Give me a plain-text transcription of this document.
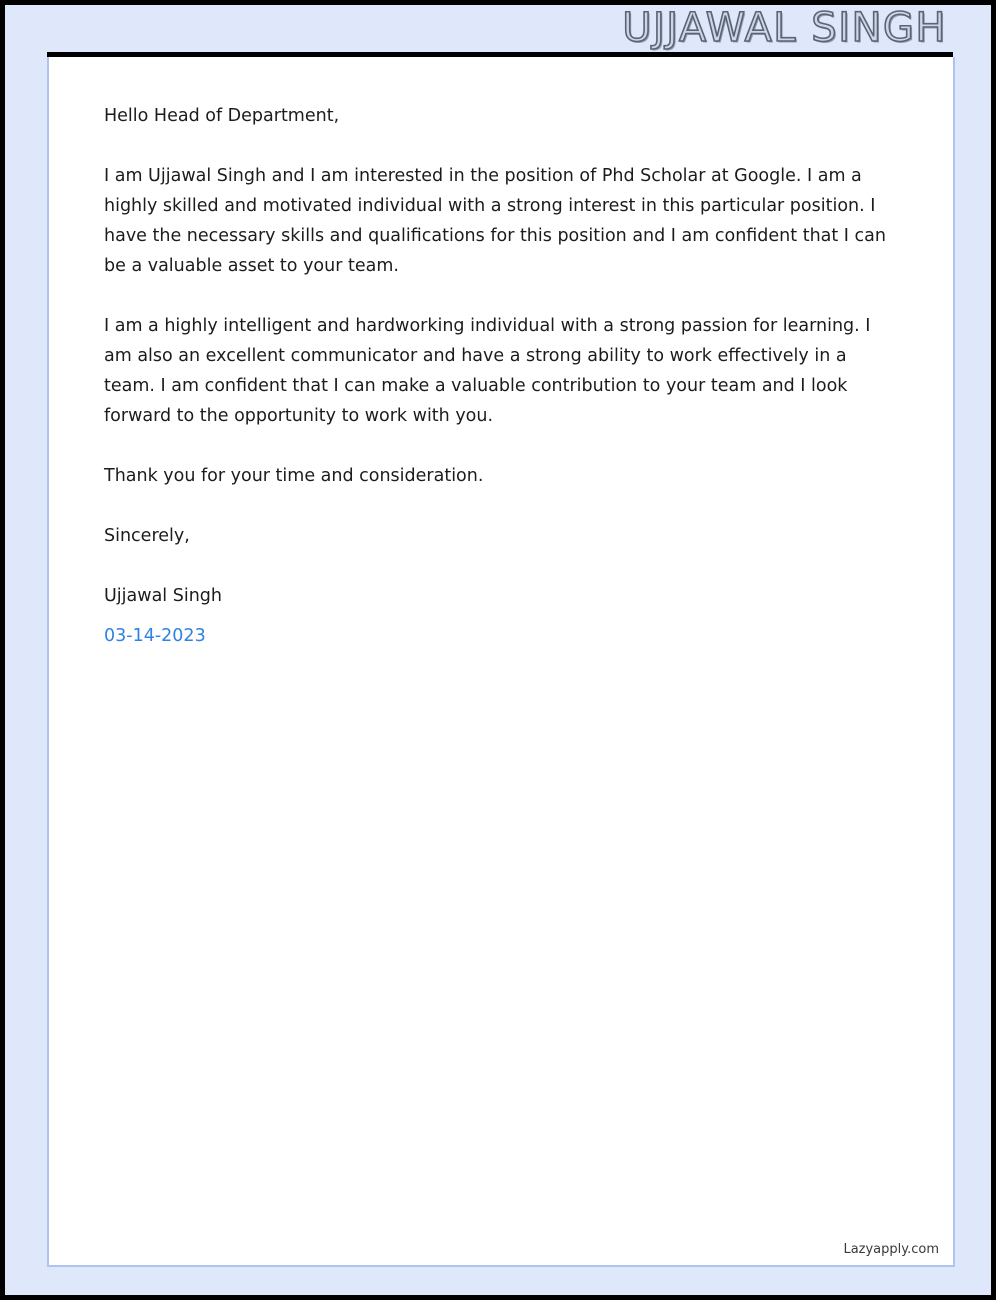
UJJAWAL SINGH

Hello Head of Department,

I am Ujjawal Singh and I am interested in the position of Phd Scholar at Google. I am a highly skilled and motivated individual with a strong interest in this particular position. I have the necessary skills and qualifications for this position and I am confident that I can be a valuable asset to your team.

I am a highly intelligent and hardworking individual with a strong passion for learning. I am also an excellent communicator and have a strong ability to work effectively in a team. I am confident that I can make a valuable contribution to your team and I look forward to the opportunity to work with you.

Thank you for your time and consideration.

Sincerely,

Ujjawal Singh

03-14-2023

Lazyapply.com
